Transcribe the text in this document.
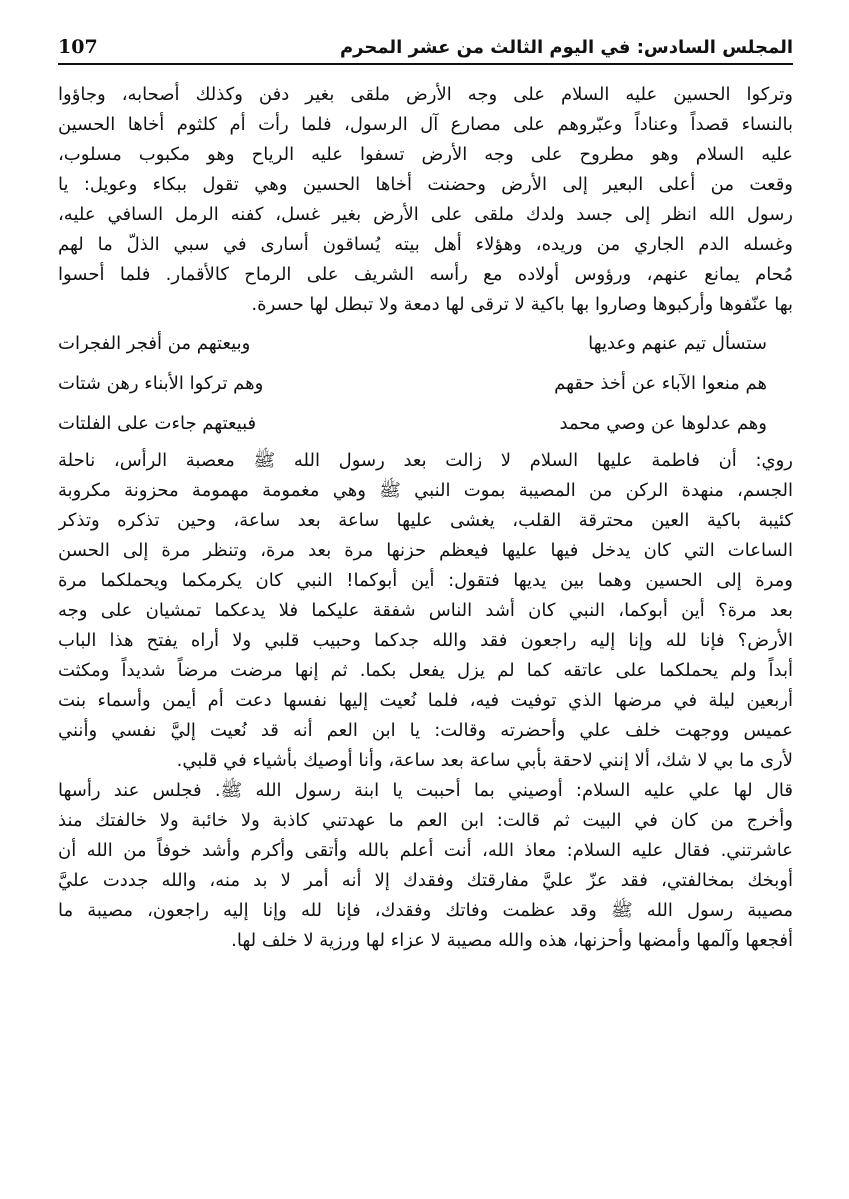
107	المجلس السادس: في اليوم الثالث من عشر المحرم
وتركوا الحسين عليه السلام على وجه الأرض ملقى بغير دفن وكذلك أصحابه، وجاؤوا
بالنساء قصداً وعناداً وعبّروهم على مصارع آل الرسول، فلما رأت أم كلثوم أخاها الحسين
عليه السلام وهو مطروح على وجه الأرض تسفوا عليه الرياح وهو مكبوب مسلوب،
وقعت من أعلى البعير إلى الأرض وحضنت أخاها الحسين وهي تقول ببكاء وعويل: يا
رسول الله انظر إلى جسد ولدك ملقى على الأرض بغير غسل، كفنه الرمل السافي عليه،
وغسله الدم الجاري من وريده، وهؤلاء أهل بيته يُساقون أسارى في سبي الذلّ ما لهم
مُحام يمانع عنهم، ورؤوس أولاده مع رأسه الشريف على الرماح كالأقمار. فلما أحسوا
بها عنّفوها وأركبوها وصاروا بها باكية لا ترقى لها دمعة ولا تبطل لها حسرة.
ستسأل تيم عنهم وعديها
وبيعتهم من أفجر الفجرات
هم منعوا الآباء عن أخذ حقهم
وهم تركوا الأبناء رهن شتات
وهم عدلوها عن وصي محمد
فبيعتهم جاءت على الفلتات
روي: أن فاطمة عليها السلام لا زالت بعد رسول الله ﷺ معصبة الرأس، ناحلة
الجسم، منهدة الركن من المصيبة بموت النبي ﷺ وهي مغمومة مهمومة محزونة مكروبة
كئيبة باكية العين محترقة القلب، يغشى عليها ساعة بعد ساعة، وحين تذكره وتذكر
الساعات التي كان يدخل فيها عليها فيعظم حزنها مرة بعد مرة، وتنظر مرة إلى الحسن
ومرة إلى الحسين وهما بين يديها فتقول: أين أبوكما! النبي كان يكرمكما ويحملكما مرة
بعد مرة؟ أين أبوكما، النبي كان أشد الناس شفقة عليكما فلا يدعكما تمشيان على وجه
الأرض؟ فإنا لله وإنا إليه راجعون فقد والله جدكما وحبيب قلبي ولا أراه يفتح هذا الباب
أبداً ولم يحملكما على عاتقه كما لم يزل يفعل بكما. ثم إنها مرضت مرضاً شديداً ومكثت
أربعين ليلة في مرضها الذي توفيت فيه، فلما نُعيت إليها نفسها دعت أم أيمن وأسماء بنت
عميس ووجهت خلف علي وأحضرته وقالت: يا ابن العم أنه قد نُعيت إليَّ نفسي وأنني
لأرى ما بي لا شك، ألا إنني لاحقة بأبي ساعة بعد ساعة، وأنا أوصيك بأشياء في قلبي.
قال لها علي عليه السلام: أوصيني بما أحببت يا ابنة رسول الله ﷺ. فجلس عند رأسها
وأخرج من كان في البيت ثم قالت: ابن العم ما عهدتني كاذبة ولا خائبة ولا خالفتك منذ
عاشرتني. فقال عليه السلام: معاذ الله، أنت أعلم بالله وأتقى وأكرم وأشد خوفاً من الله أن
أوبخك بمخالفتي، فقد عزّ عليَّ مفارقتك وفقدك إلا أنه أمر لا بد منه، والله جددت عليَّ
مصيبة رسول الله ﷺ وقد عظمت وفاتك وفقدك، فإنا لله وإنا إليه راجعون، مصيبة ما
أفجعها وآلمها وأمضها وأحزنها، هذه والله مصيبة لا عزاء لها ورزية لا خلف لها.
